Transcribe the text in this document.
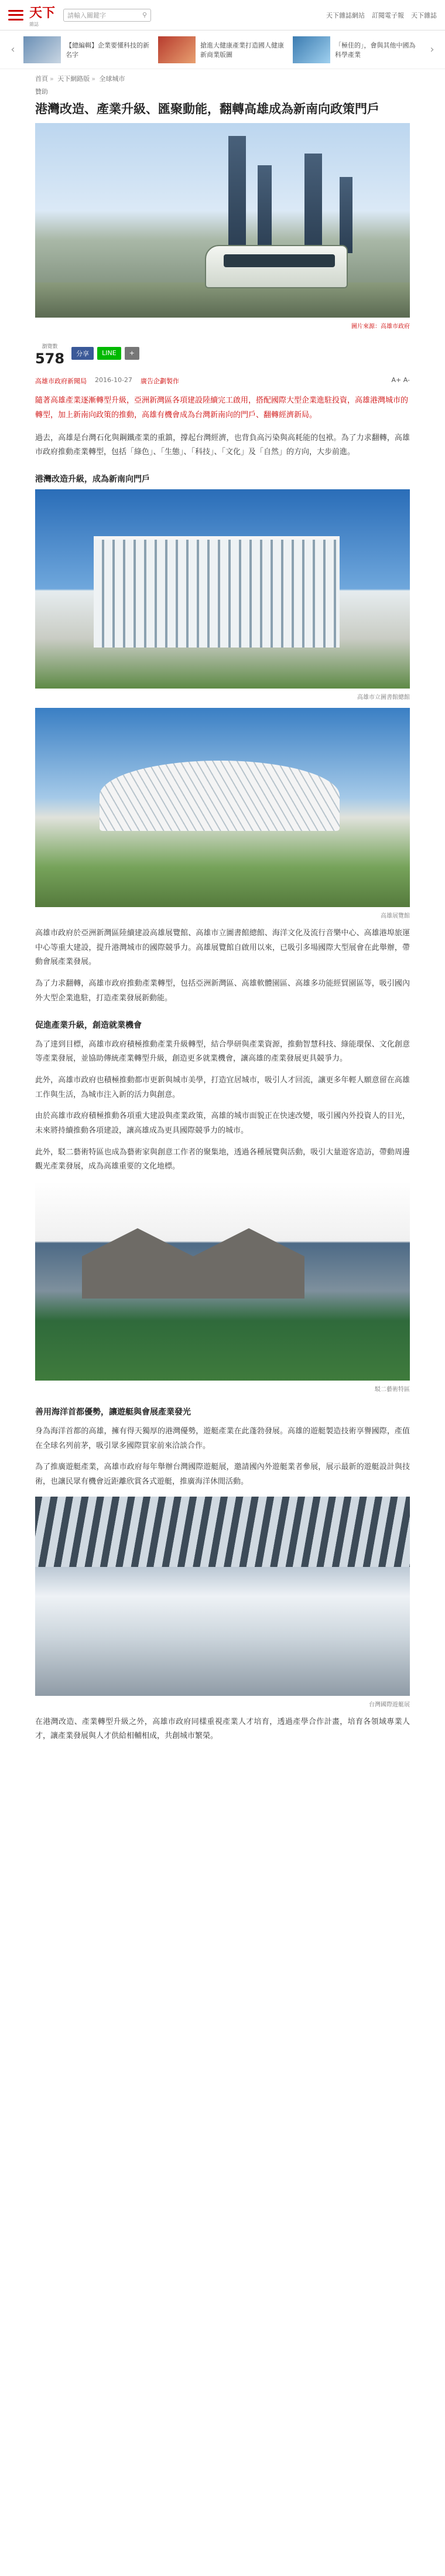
天下
雜誌
請輸入關鍵字	⚲	天下雜誌網站 訂閱電子報 天下雜誌
‹	【總編輯】企業要懂科技的新名字
搶進大健康產業打造國人健康新商業版圖
「極佳的」，會與其他中國為科學產業	›
首頁 » 天下網路版 » 全球城市
贊助
港灣改造、產業升級、匯聚動能，翻轉高雄成為新南向政策門戶
圖片來源：高雄市政府
瀏覽數
578	分享	LINE	+
高雄市政府新聞局 2016-10-27 廣告企劃製作	A+ A-
隨著高雄產業逐漸轉型升級，亞洲新灣區各項建設陸續完工啟用，搭配國際大型企業進駐投資，高雄港灣城市的轉型，加上新南向政策的推動，高雄有機會成為台灣新南向的門戶、翻轉經濟新局。
過去，高雄是台灣石化與鋼鐵產業的重鎮，撐起台灣經濟，也背負高污染與高耗能的包袱。為了力求翻轉，高雄市政府推動產業轉型，包括「綠色」、「生態」、「科技」、「文化」及「自然」的方向，大步前進。
港灣改造升級，成為新南向門戶
高雄市立圖書館總館
高雄展覽館
高雄市政府於亞洲新灣區陸續建設高雄展覽館、高雄市立圖書館總館、海洋文化及流行音樂中心、高雄港埠旅運中心等重大建設，提升港灣城市的國際競爭力。高雄展覽館自啟用以來，已吸引多場國際大型展會在此舉辦，帶動會展產業發展。
為了力求翻轉，高雄市政府推動產業轉型，包括亞洲新灣區、高雄軟體園區、高雄多功能經貿園區等，吸引國內外大型企業進駐，打造產業發展新動能。
促進產業升級，創造就業機會
為了達到目標，高雄市政府積極推動產業升級轉型，結合學研與產業資源，推動智慧科技、綠能環保、文化創意等產業發展，並協助傳統產業轉型升級，創造更多就業機會，讓高雄的產業發展更具競爭力。
此外，高雄市政府也積極推動都市更新與城市美學，打造宜居城市，吸引人才回流，讓更多年輕人願意留在高雄工作與生活，為城市注入新的活力與創意。
由於高雄市政府積極推動各項重大建設與產業政策，高雄的城市面貌正在快速改變，吸引國內外投資人的目光，未來將持續推動各項建設，讓高雄成為更具國際競爭力的城市。
此外，駁二藝術特區也成為藝術家與創意工作者的聚集地，透過各種展覽與活動，吸引大量遊客造訪，帶動周邊觀光產業發展，成為高雄重要的文化地標。
駁二藝術特區
善用海洋首都優勢，讓遊艇與會展產業發光
身為海洋首都的高雄，擁有得天獨厚的港灣優勢，遊艇產業在此蓬勃發展。高雄的遊艇製造技術享譽國際，產值在全球名列前茅，吸引眾多國際買家前來洽談合作。
為了推廣遊艇產業，高雄市政府每年舉辦台灣國際遊艇展，邀請國內外遊艇業者參展，展示最新的遊艇設計與技術，也讓民眾有機會近距離欣賞各式遊艇，推廣海洋休閒活動。
台灣國際遊艇展
在港灣改造、產業轉型升級之外，高雄市政府同樣重視產業人才培育，透過產學合作計畫，培育各領域專業人才，讓產業發展與人才供給相輔相成，共創城市繁榮。
